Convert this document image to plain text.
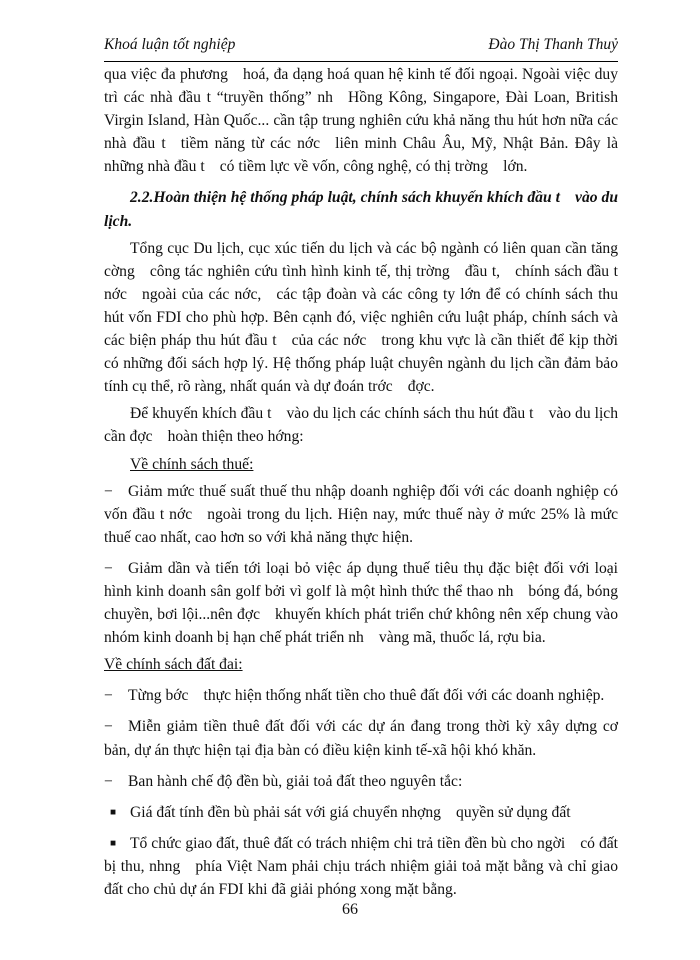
Khoá luận tốt nghiệp	Đào Thị Thanh Thuỷ

qua việc đa phươngᅠhoá, đa dạng hoá quan hệ kinh tế đối ngoại. Ngoài việc duy trì các nhà đầu t “truyền thống” nhᅠHồng Kông, Singapore, Đài Loan, British Virgin Island, Hàn Quốc... cần tập trung nghiên cứu khả năng thu hút hơn nữa các nhà đầu tᅠtiềm năng từ các nớcᅠliên minh Châu Âu, Mỹ, Nhật Bản. Đây là những nhà đầu tᅠcó tiềm lực về vốn, công nghệ, có thị trờngᅠlớn.

2.2.Hoàn thiện hệ thống pháp luật, chính sách khuyến khích đầu tᅠvào du lịch.

Tổng cục Du lịch, cục xúc tiến du lịch và các bộ ngành có liên quan cần tăng cờngᅠcông tác nghiên cứu tình hình kinh tế, thị trờngᅠđầu t,ᅠchính sách đầu t nớcᅠngoài của các nớc,ᅠcác tập đoàn và các công ty lớn để có chính sách thu hút vốn FDI cho phù hợp. Bên cạnh đó, việc nghiên cứu luật pháp, chính sách và các biện pháp thu hút đầu tᅠcủa các nớcᅠtrong khu vực là cần thiết để kịp thời có những đối sách hợp lý. Hệ thống pháp luật chuyên ngành du lịch cần đảm bảo tính cụ thể, rõ ràng, nhất quán và dự đoán trớcᅠđợc.

Để khuyến khích đầu tᅠvào du lịch các chính sách thu hút đầu tᅠvào du lịch cần đợcᅠhoàn thiện theo hớng:

Về chính sách thuế:

− Giảm mức thuế suất thuế thu nhập doanh nghiệp đối với các doanh nghiệp có vốn đầu t nớcᅠngoài trong du lịch. Hiện nay, mức thuế này ở mức 25% là mức thuế cao nhất, cao hơn so với khả năng thực hiện.

− Giảm dần và tiến tới loại bỏ việc áp dụng thuế tiêu thụ đặc biệt đối với loại hình kinh doanh sân golf bởi vì golf là một hình thức thể thao nhᅠbóng đá, bóng chuyền, bơi lội...nên đợcᅠkhuyến khích phát triển chứ không nên xếp chung vào nhóm kinh doanh bị hạn chế phát triển nhᅠvàng mã, thuốc lá, rợu bia.

Về chính sách đất đai:

− Từng bớcᅠthực hiện thống nhất tiền cho thuê đất đối với các doanh nghiệp.

− Miễn giảm tiền thuê đất đối với các dự án đang trong thời kỳ xây dựng cơ bản, dự án thực hiện tại địa bàn có điều kiện kinh tế-xã hội khó khăn.

− Ban hành chế độ đền bù, giải toả đất theo nguyên tắc:

■ Giá đất tính đền bù phải sát với giá chuyển nhợngᅠquyền sử dụng đất

■ Tổ chức giao đất, thuê đất có trách nhiệm chi trả tiền đền bù cho ngờiᅠcó đất bị thu, nhngᅠphía Việt Nam phải chịu trách nhiệm giải toả mặt bằng và chỉ giao đất cho chủ dự án FDI khi đã giải phóng xong mặt bằng.

66
